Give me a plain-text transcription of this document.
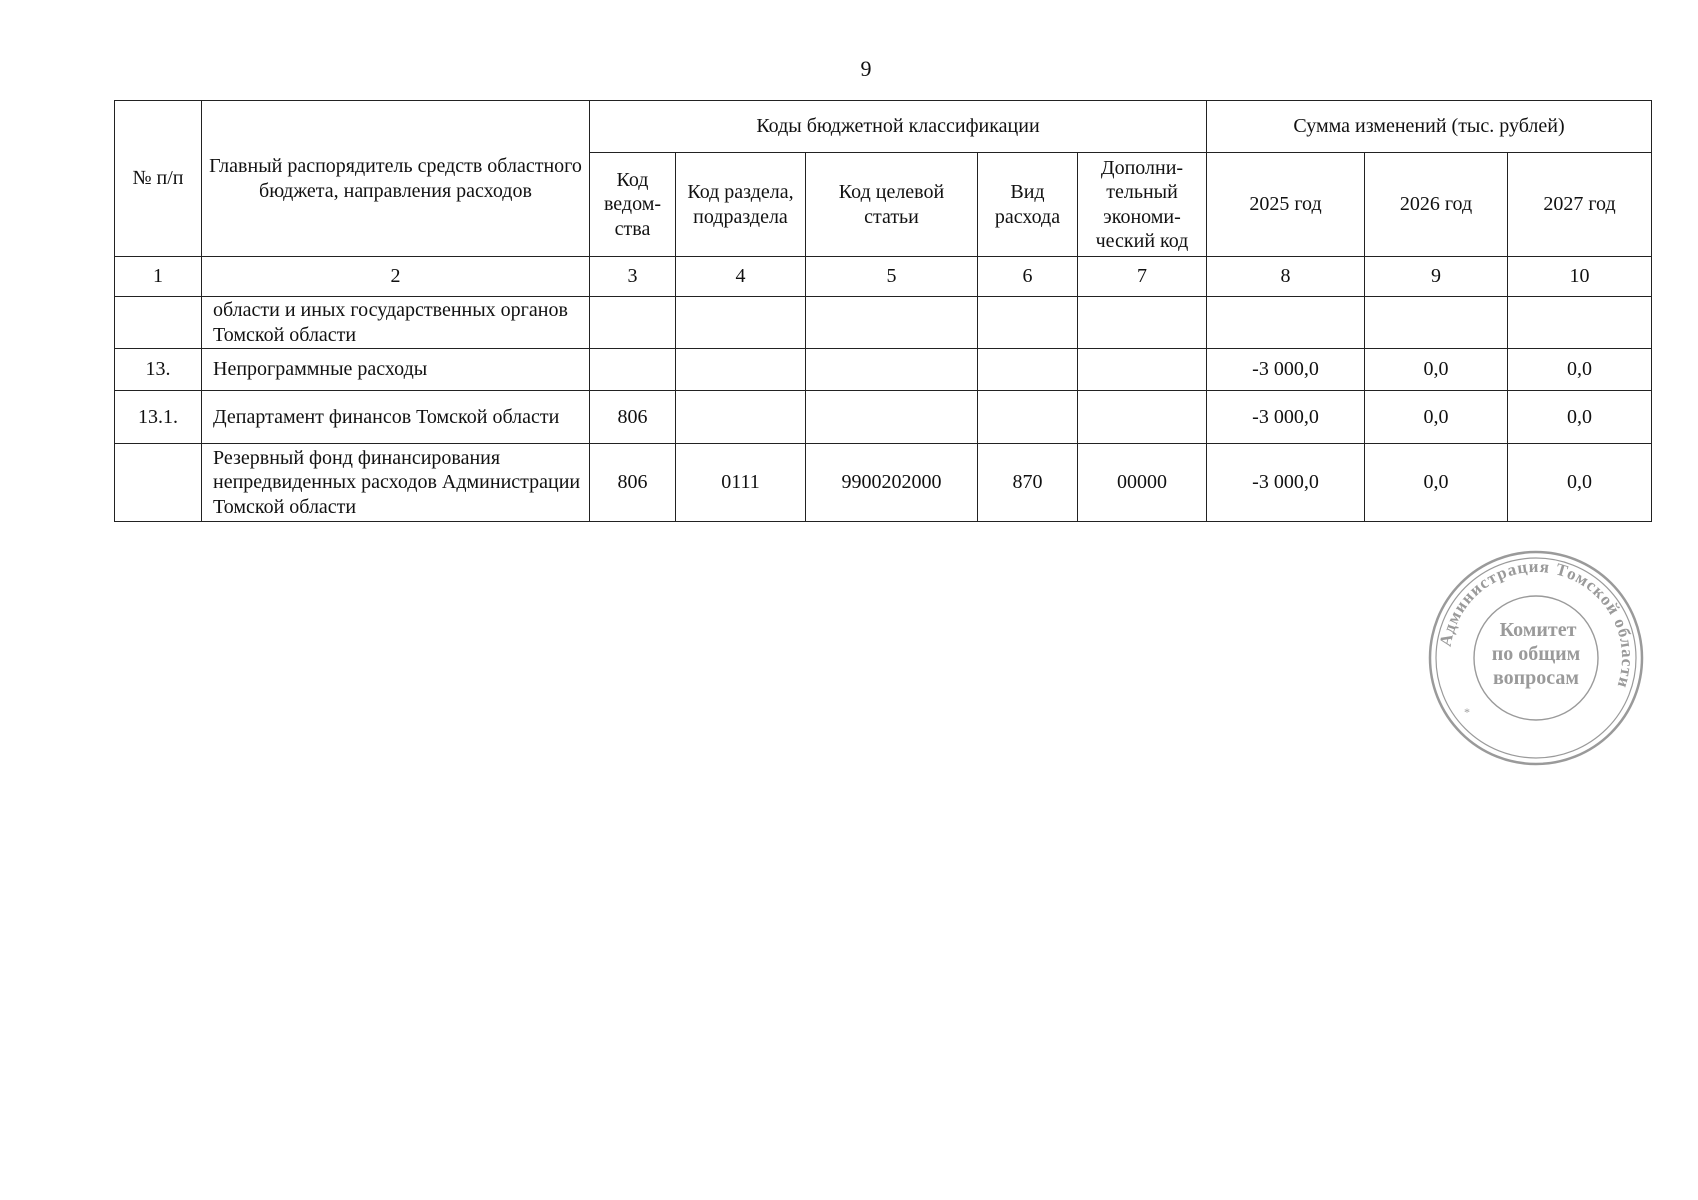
9
№ п/п	Главный распорядитель средств областного бюджета, направления расходов	Коды бюджетной классификации					Сумма изменений (тыс. рублей)		
		Код ведом-ства	Код раздела, подраздела	Код целевой статьи	Вид расхода	Дополни-тельный экономи-ческий код	2025 год	2026 год	2027 год
1	2	3	4	5	6	7	8	9	10
	области и иных государственных органов Томской области								
13.	Непрограммные расходы						-3 000,0	0,0	0,0
13.1.	Департамент финансов Томской области	806					-3 000,0	0,0	0,0
	Резервный фонд финансирования непредвиденных расходов Администрации Томской области	806	0111	9900202000	870	00000	-3 000,0	0,0	0,0
Администрация Томской области
*
Комитет
по общим
вопросам
